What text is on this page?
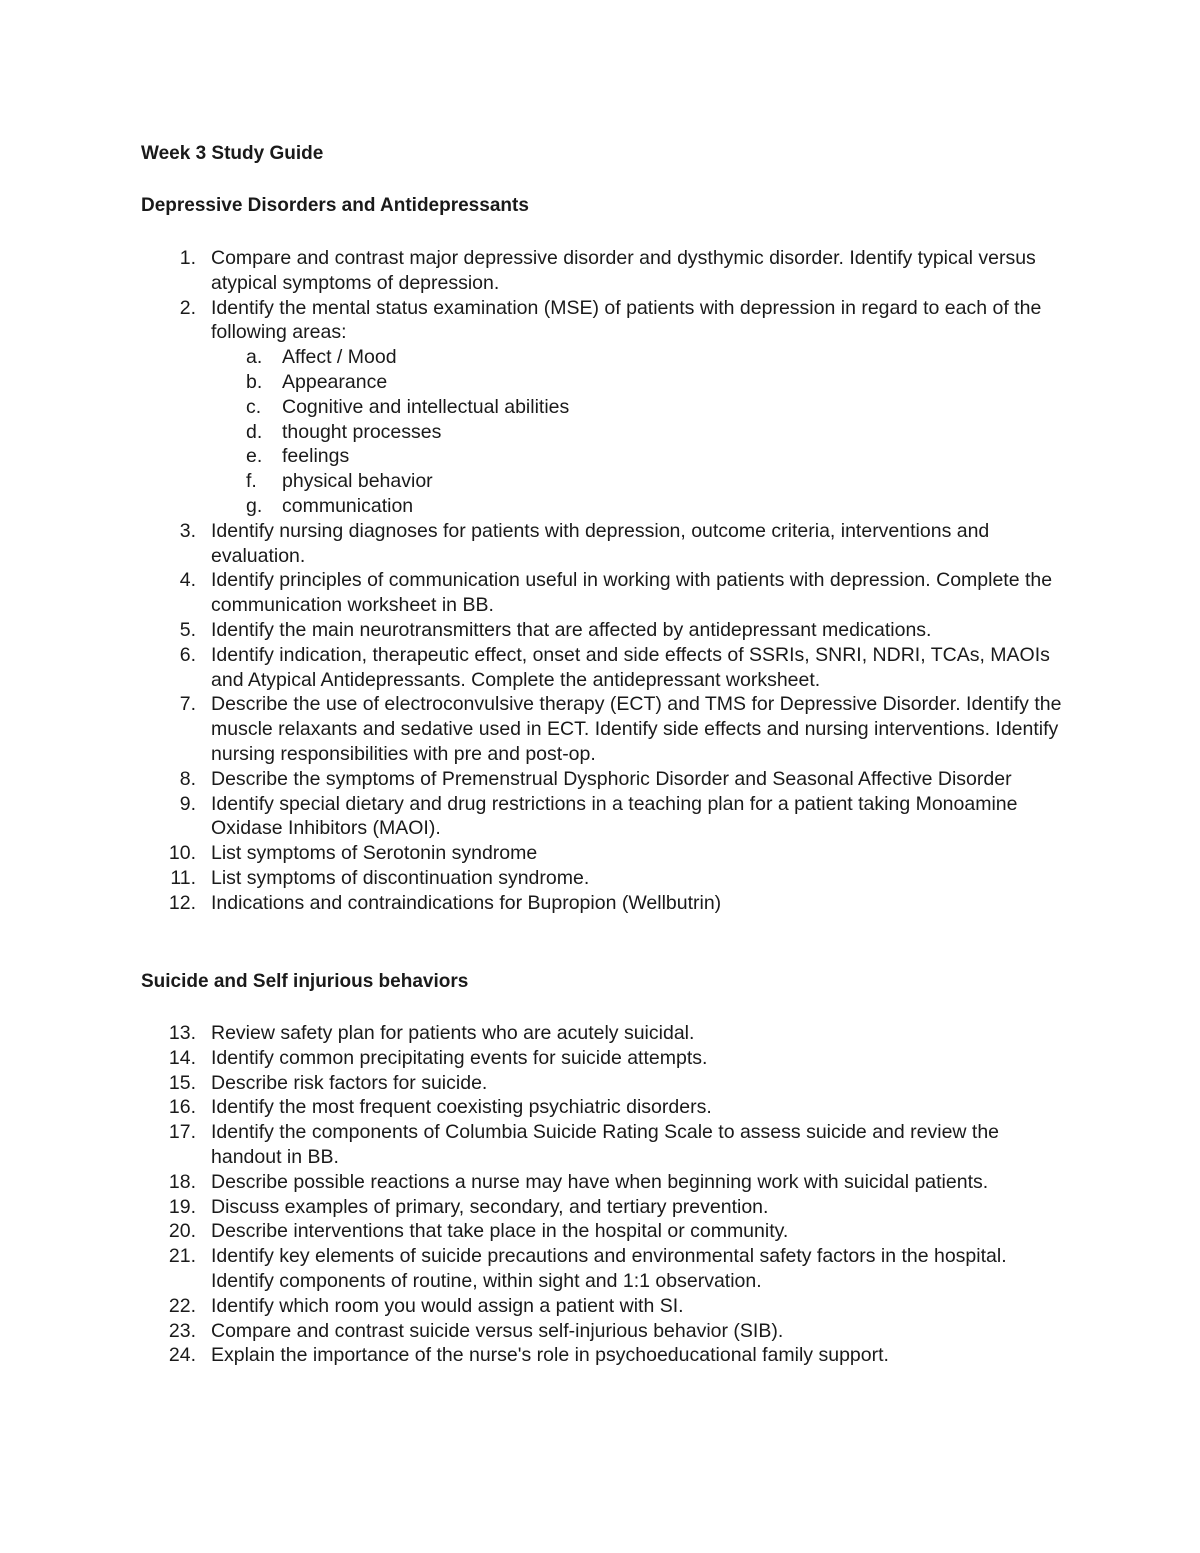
Week 3 Study Guide
Depressive Disorders and Antidepressants
1. Compare and contrast major depressive disorder and dysthymic disorder. Identify typical versus atypical symptoms of depression.
2. Identify the mental status examination (MSE) of patients with depression in regard to each of the following areas:
a. Affect / Mood
b. Appearance
c. Cognitive and intellectual abilities
d. thought processes
e. feelings
f. physical behavior
g. communication
3. Identify nursing diagnoses for patients with depression, outcome criteria, interventions and evaluation.
4. Identify principles of communication useful in working with patients with depression. Complete the communication worksheet in BB.
5. Identify the main neurotransmitters that are affected by antidepressant medications.
6. Identify indication, therapeutic effect, onset and side effects of SSRIs, SNRI, NDRI, TCAs, MAOIs and Atypical Antidepressants. Complete the antidepressant worksheet.
7. Describe the use of electroconvulsive therapy (ECT) and TMS for Depressive Disorder. Identify the muscle relaxants and sedative used in ECT. Identify side effects and nursing interventions. Identify nursing responsibilities with pre and post-op.
8. Describe the symptoms of Premenstrual Dysphoric Disorder and Seasonal Affective Disorder
9. Identify special dietary and drug restrictions in a teaching plan for a patient taking Monoamine Oxidase Inhibitors (MAOI).
10. List symptoms of Serotonin syndrome
11. List symptoms of discontinuation syndrome.
12. Indications and contraindications for Bupropion (Wellbutrin)
Suicide and Self injurious behaviors
13. Review safety plan for patients who are acutely suicidal.
14. Identify common precipitating events for suicide attempts.
15. Describe risk factors for suicide.
16. Identify the most frequent coexisting psychiatric disorders.
17. Identify the components of Columbia Suicide Rating Scale to assess suicide and review the handout in BB.
18. Describe possible reactions a nurse may have when beginning work with suicidal patients.
19. Discuss examples of primary, secondary, and tertiary prevention.
20. Describe interventions that take place in the hospital or community.
21. Identify key elements of suicide precautions and environmental safety factors in the hospital. Identify components of routine, within sight and 1:1 observation.
22. Identify which room you would assign a patient with SI.
23. Compare and contrast suicide versus self-injurious behavior (SIB).
24. Explain the importance of the nurse's role in psychoeducational family support.
